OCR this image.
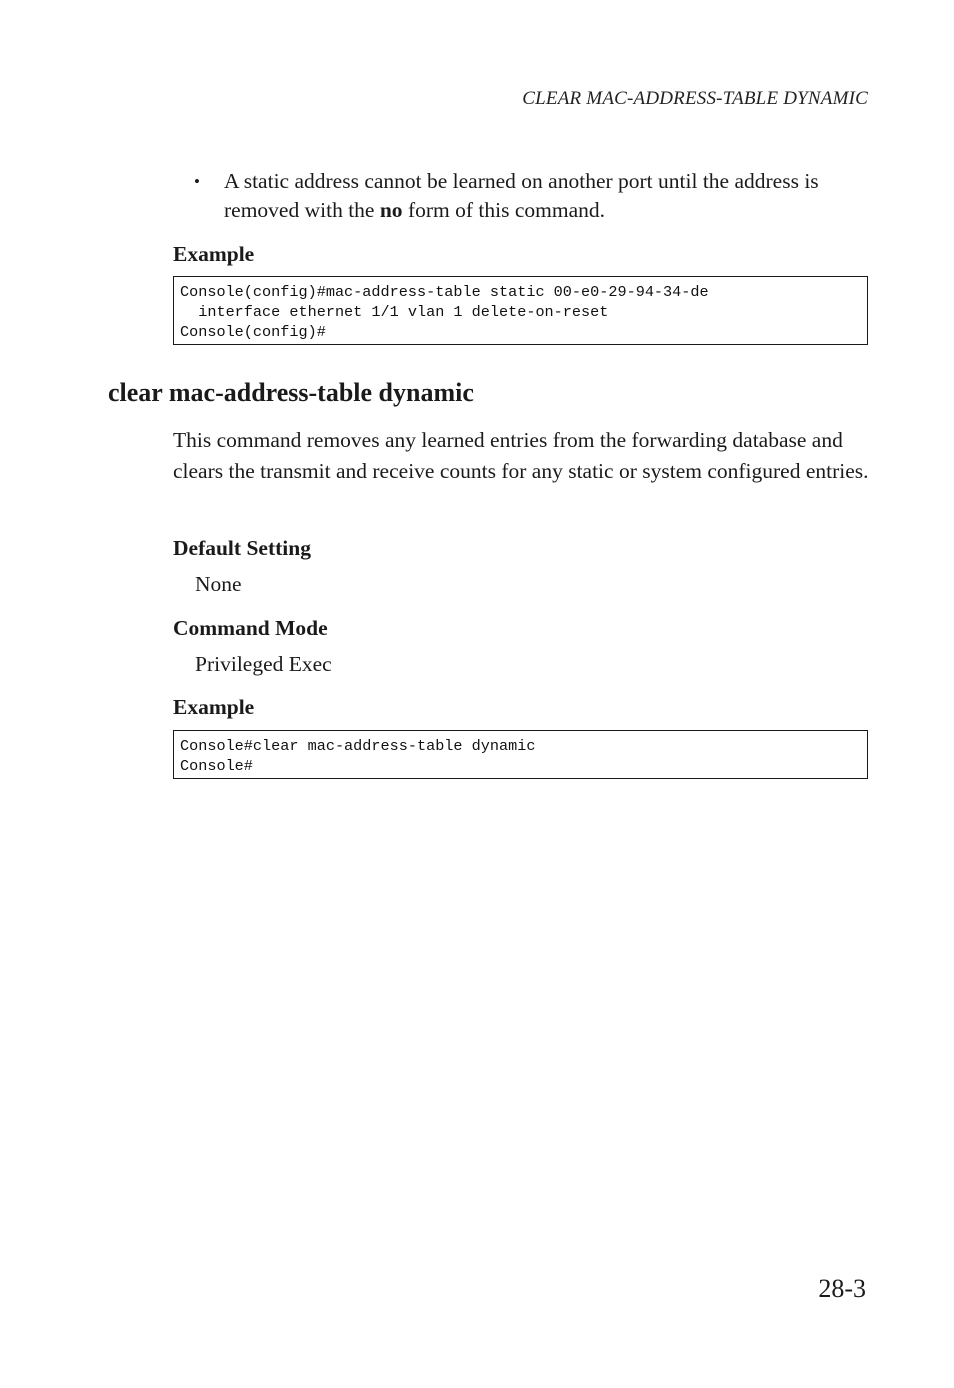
CLEAR MAC-ADDRESS-TABLE DYNAMIC
• A static address cannot be learned on another port until the address is removed with the no form of this command.
Example
Console(config)#mac-address-table static 00-e0-29-94-34-de
interface ethernet 1/1 vlan 1 delete-on-reset
Console(config)#
clear mac-address-table dynamic
This command removes any learned entries from the forwarding database and clears the transmit and receive counts for any static or system configured entries.
Default Setting
None
Command Mode
Privileged Exec
Example
Console#clear mac-address-table dynamic
Console#
28-3
